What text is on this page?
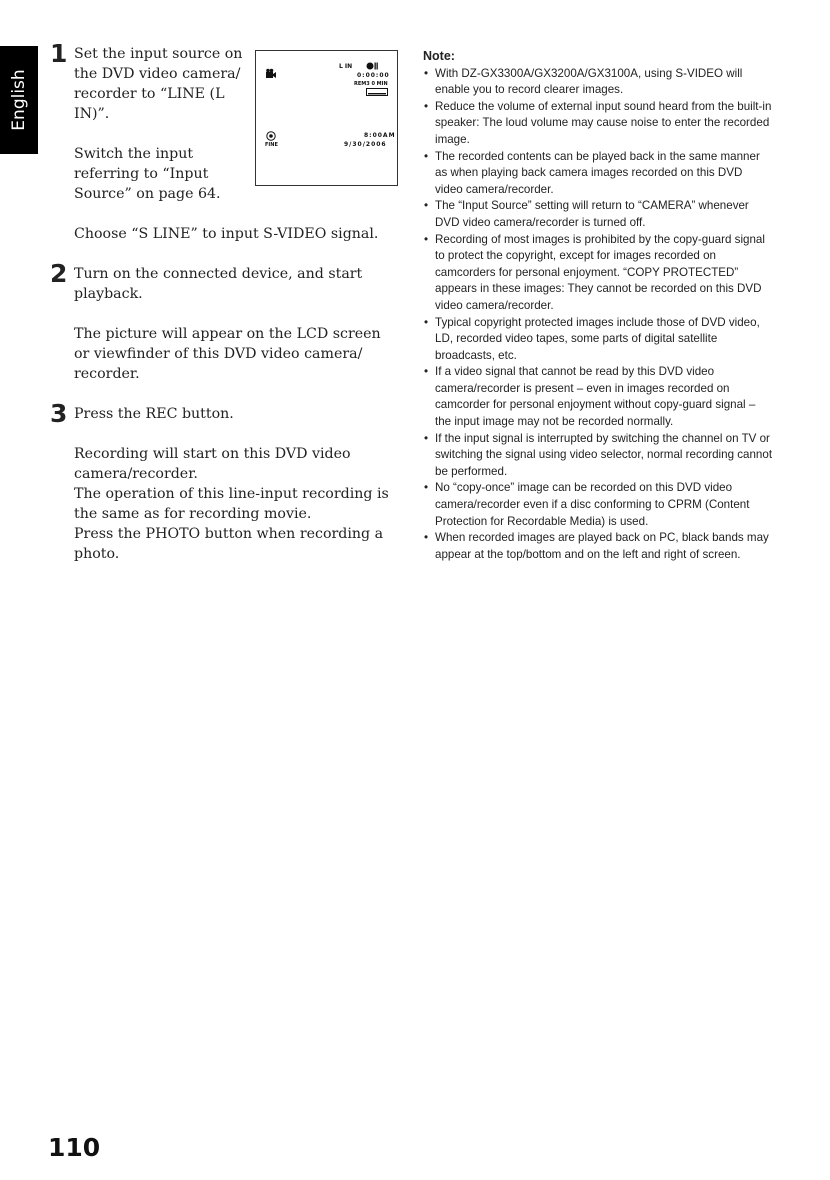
English
1 Set the input source on the DVD video camera/ recorder to “LINE (L IN)”.

Switch the input referring to “Input Source” on page 64.

Choose “S LINE” to input S-VIDEO signal.

2 Turn on the connected device, and start playback.

The picture will appear on the LCD screen or viewfinder of this DVD video camera/ recorder.

3 Press the REC button.

Recording will start on this DVD video camera/recorder.

The operation of this line-input recording is the same as for recording movie.

Press the PHOTO button when recording a photo.

L IN
0:00:00
REM3 0 MIN
FINE
8:00AM
9/30/2006

Note:

• With DZ-GX3300A/GX3200A/GX3100A, using S-VIDEO will enable you to record clearer images.
• Reduce the volume of external input sound heard from the built-in speaker: The loud volume may cause noise to enter the recorded image.
• The recorded contents can be played back in the same manner as when playing back camera images recorded on this DVD video camera/recorder.
• The “Input Source” setting will return to “CAMERA” whenever DVD video camera/recorder is turned off.
• Recording of most images is prohibited by the copy-guard signal to protect the copyright, except for images recorded on camcorders for personal enjoyment. “COPY PROTECTED” appears in these images: They cannot be recorded on this DVD video camera/recorder.
• Typical copyright protected images include those of DVD video, LD, recorded video tapes, some parts of digital satellite broadcasts, etc.
• If a video signal that cannot be read by this DVD video camera/recorder is present – even in images recorded on camcorder for personal enjoyment without copy-guard signal – the input image may not be recorded normally.
• If the input signal is interrupted by switching the channel on TV or switching the signal using video selector, normal recording cannot be performed.
• No “copy-once” image can be recorded on this DVD video camera/recorder even if a disc conforming to CPRM (Content Protection for Recordable Media) is used.
• When recorded images are played back on PC, black bands may appear at the top/bottom and on the left and right of screen.
110
